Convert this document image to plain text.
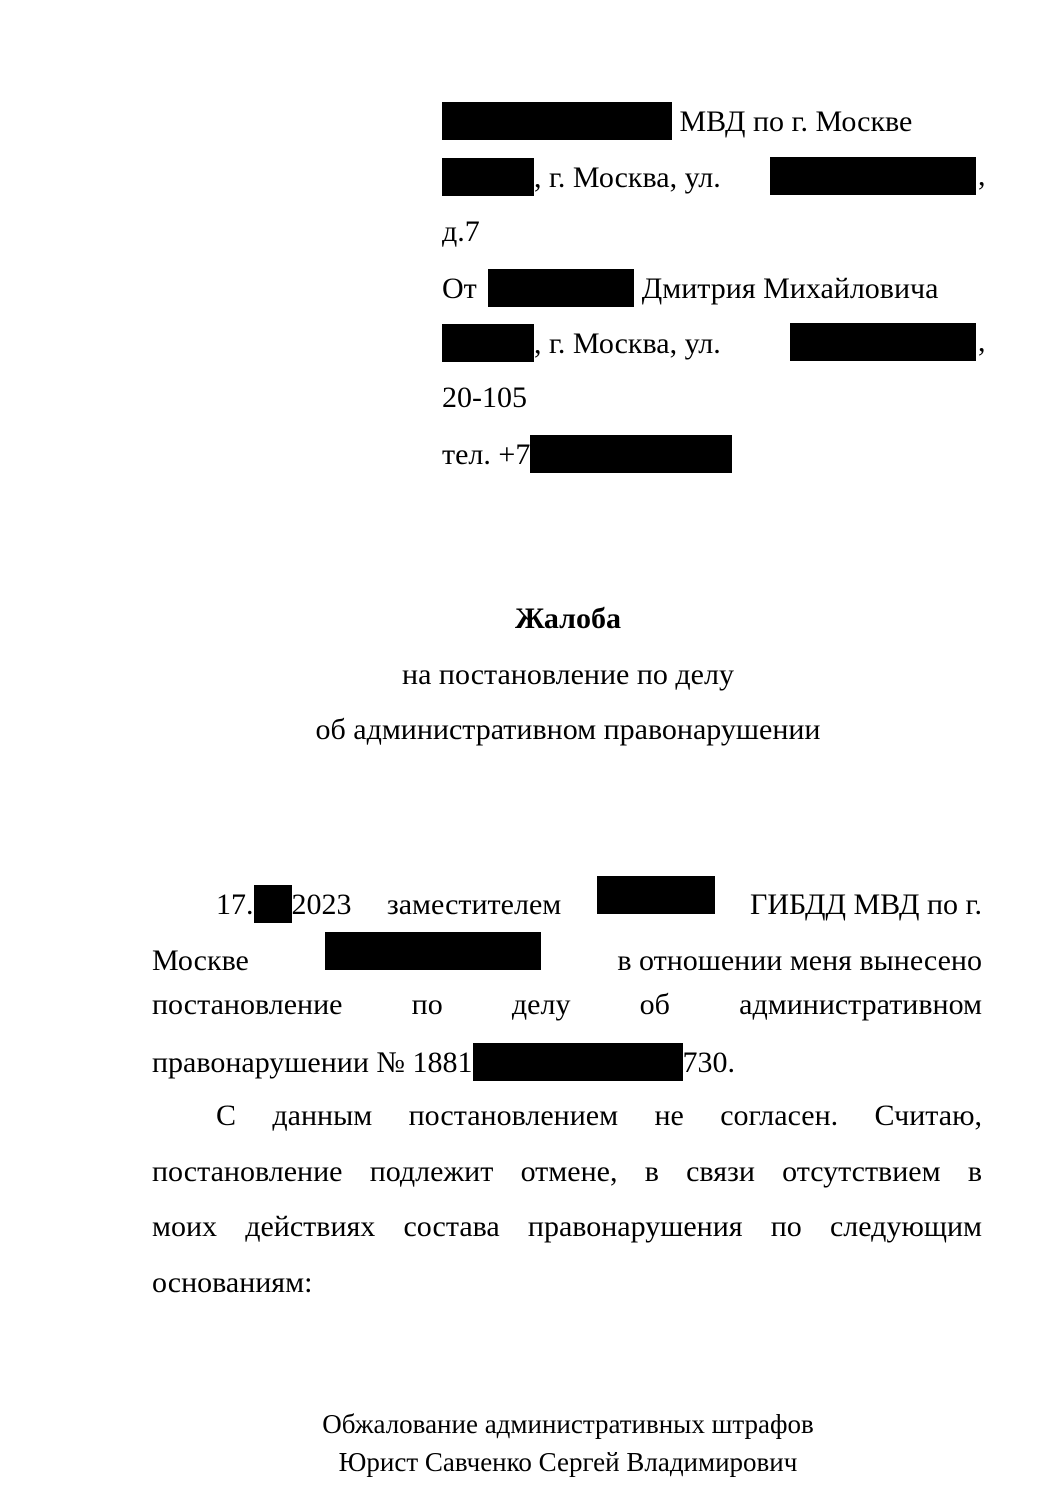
МВД по г. Москве
, г. Москва, ул.	,
д.7
От	Дмитрия Михайловича
, г. Москва, ул.	,
20-105
тел. +7
Жалоба
на постановление по делу
об административном правонарушении
17. 2023 заместителем	ГИБДД МВД по г.
Москве	в отношении меня вынесено
постановление по делу об административном
правонарушении № 1881	730.
С данным постановлением не согласен. Считаю,
постановление подлежит отмене, в связи отсутствием в
моих действиях состава правонарушения по следующим
основаниям:
Обжалование административных штрафов
Юрист Савченко Сергей Владимирович
